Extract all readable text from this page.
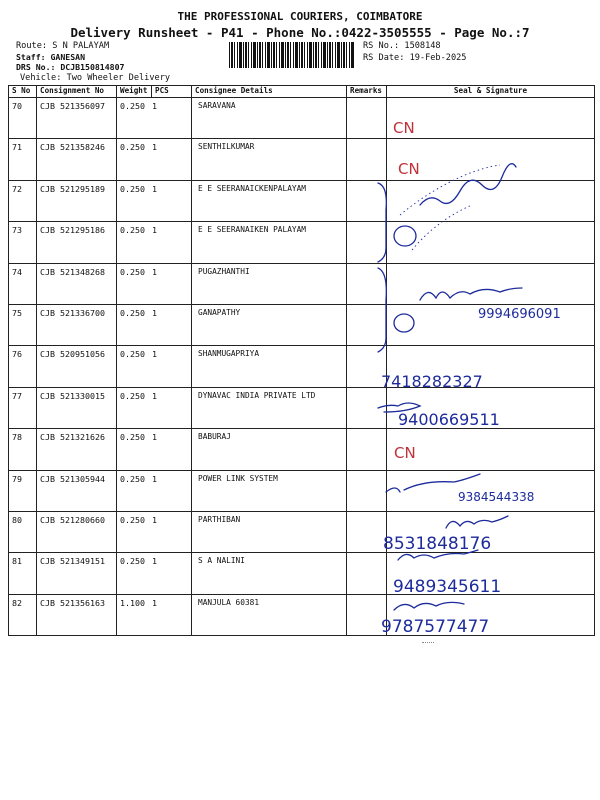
THE PROFESSIONAL COURIERS, COIMBATORE
Delivery Runsheet - P41 - Phone No.:0422-3505555 - Page No.:7
Route: S N PALAYAM
Staff: GANESAN
DRS No.: DCJB150814807
Vehicle: Two Wheeler Delivery
RS No.: 1508148
RS Date: 19-Feb-2025
S No	Consignment No	Weight	PCS	Consignee Details	Remarks	Seal & Signature
70	CJB 521356097	0.250 1		SARAVANA		
71	CJB 521358246	0.250 1		SENTHILKUMAR		
72	CJB 521295189	0.250 1		E E SEERANAICKENPALAYAM		
73	CJB 521295186	0.250 1		E E SEERANAIKEN PALAYAM		
74	CJB 521348268	0.250 1		PUGAZHANTHI		
75	CJB 521336700	0.250 1		GANAPATHY		
76	CJB 520951056	0.250 1		SHANMUGAPRIYA		
77	CJB 521330015	0.250 1		DYNAVAC INDIA PRIVATE LTD		
78	CJB 521321626	0.250 1		BABURAJ		
79	CJB 521305944	0.250 1		POWER LINK SYSTEM		
80	CJB 521280660	0.250 1		PARTHIBAN		
81	CJB 521349151	0.250 1		S A NALINI		
82	CJB 521356163	1.100 1		MANJULA 60381		
CN
CN
CN
9994696091
7418282327
9400669511
9384544338
8531848176
9489345611
9787577477
